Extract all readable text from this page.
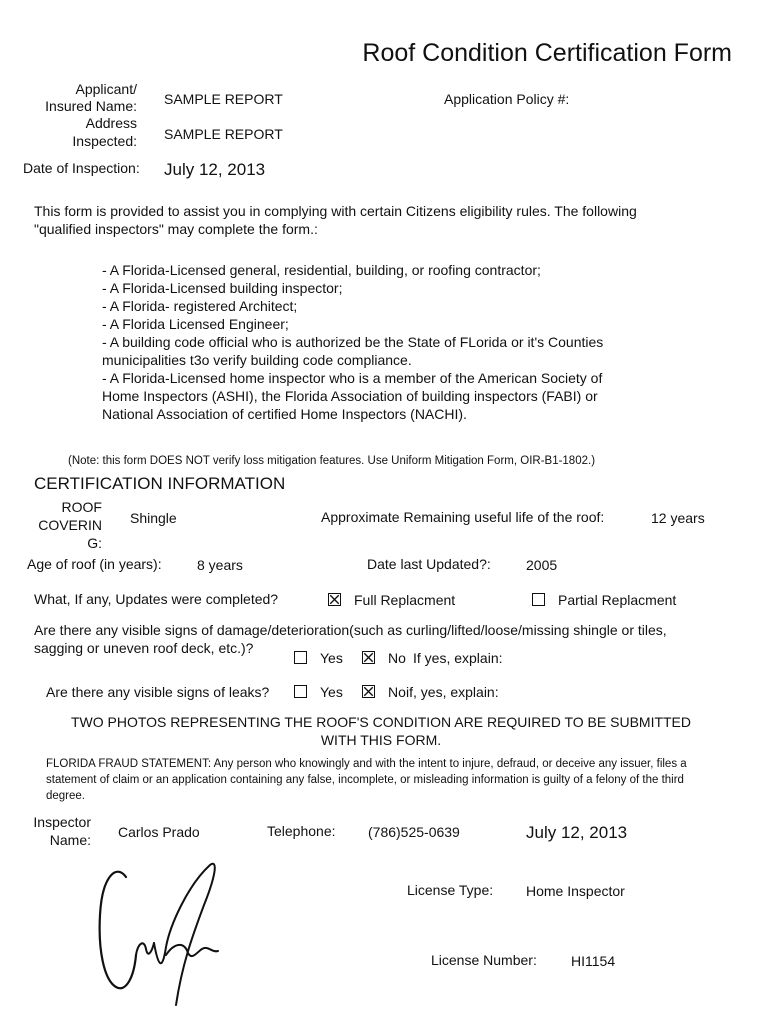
Roof Condition Certification Form
Applicant/
Insured Name: SAMPLE REPORT	Application Policy #:
Address
Inspected: SAMPLE REPORT
Date of Inspection: July 12, 2013
This form is provided to assist you in complying with certain Citizens eligibility rules. The following
"qualified inspectors" may complete the form.:
- A Florida-Licensed general, residential, building, or roofing contractor;
- A Florida-Licensed building inspector;
- A Florida- registered Architect;
- A Florida Licensed Engineer;
- A building code official who is authorized be the State of FLorida or it's Counties
municipalities t3o verify building code compliance.
- A Florida-Licensed home inspector who is a member of the American Society of
Home Inspectors (ASHI), the Florida Association of building inspectors (FABI) or
National Association of certified Home Inspectors (NACHI).
(Note: this form DOES NOT verify loss mitigation features. Use Uniform Mitigation Form, OIR-B1-1802.)
CERTIFICATION INFORMATION
ROOF
COVERIN
G:
Shingle	Approximate Remaining useful life of the roof:	12 years
Age of roof (in years):	8 years	Date last Updated?:	2005
What, If any, Updates were completed?	Full Replacment	Partial Replacment
Are there any visible signs of damage/deterioration(such as curling/lifted/loose/missing shingle or tiles,
sagging or uneven roof deck, etc.)?
Yes	No If yes, explain:
Are there any visible signs of leaks?	Yes	No if, yes, explain:
TWO PHOTOS REPRESENTING THE ROOF'S CONDITION ARE REQUIRED TO BE SUBMITTED
WITH THIS FORM.
FLORIDA FRAUD STATEMENT: Any person who knowingly and with the intent to injure, defraud, or deceive any issuer, files a
statement of claim or an application containing any false, incomplete, or misleading information is guilty of a felony of the third
degree.
Inspector
Name: Carlos Prado	Telephone: (786)525-0639	July 12, 2013
License Type: Home Inspector
License Number: HI1154
